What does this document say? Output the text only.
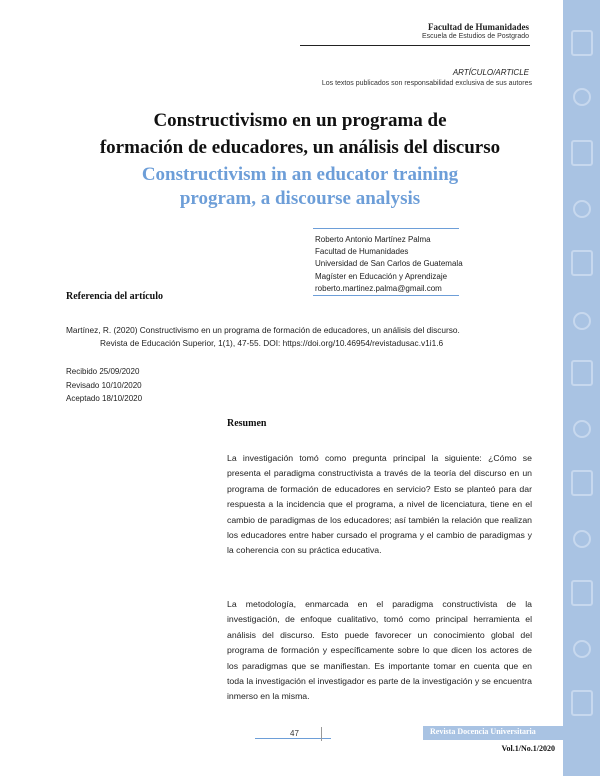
Facultad de Humanidades
Escuela de Estudios de Postgrado
ARTÍCULO/ARTICLE
Los textos publicados son responsabilidad exclusiva de sus autores
Constructivismo en un programa de
formación de educadores, un análisis del discurso
Constructivism in an educator training
program, a discourse analysis
Roberto Antonio Martínez Palma
Facultad de Humanidades
Universidad de San Carlos de Guatemala
Magíster en Educación y Aprendizaje
roberto.martinez.palma@gmail.com
Referencia del artículo
Martínez, R. (2020) Constructivismo en un programa de formación de educadores, un análisis del discurso.
Revista de Educación Superior, 1(1), 47-55. DOI: https://doi.org/10.46954/revistadusac.v1i1.6
Recibido 25/09/2020
Revisado 10/10/2020
Aceptado 18/10/2020
Resumen
La investigación tomó como pregunta principal la siguiente: ¿Cómo se presenta el paradigma constructivista a través de la teoría del discurso en un programa de formación de educadores en servicio? Esto se planteó para dar respuesta a la incidencia que el programa, a nivel de licenciatura, tiene en el cambio de paradigmas de los educadores; así también la relación que realizan los educadores entre haber cursado el programa y el cambio de paradigmas y la coherencia con su práctica educativa.
La metodología, enmarcada en el paradigma constructivista de la investigación, de enfoque cualitativo, tomó como principal herramienta el análisis del discurso. Esto puede favorecer un conocimiento global del programa de formación y específicamente sobre lo que dicen los actores de los paradigmas que se manifiestan. Es importante tomar en cuenta que en toda la investigación el investigador es parte de la investigación y se encuentra inmerso en la misma.
47	Revista Docencia Universitaria
Vol.1/No.1/2020
